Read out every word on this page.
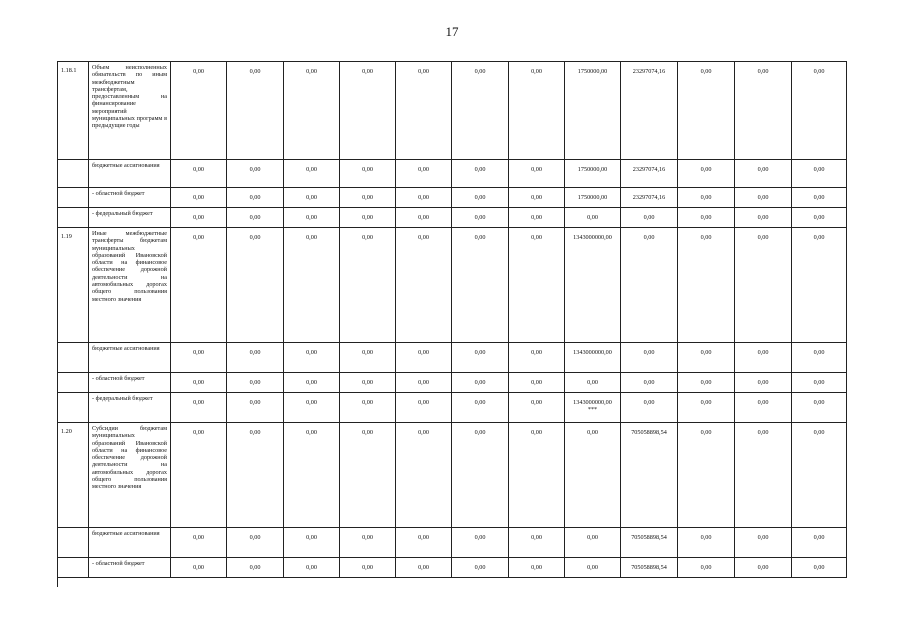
17
1.18.1	Объем неисполненных обязательств по иным межбюджетным трансфертам, предоставленным на финансирование мероприятий муниципальных программ в предыдущие годы	0,00	0,00	0,00	0,00	0,00	0,00	0,00	1750000,00	23297074,16	0,00	0,00	0,00
	бюджетные ассигнования	0,00	0,00	0,00	0,00	0,00	0,00	0,00	1750000,00	23297074,16	0,00	0,00	0,00
	- областной бюджет	0,00	0,00	0,00	0,00	0,00	0,00	0,00	1750000,00	23297074,16	0,00	0,00	0,00
	- федеральный бюджет	0,00	0,00	0,00	0,00	0,00	0,00	0,00	0,00	0,00	0,00	0,00	0,00
1.19	Иные межбюджетные трансферты бюджетам муниципальных образований Ивановской области на финансовое обеспечение дорожной деятельности на автомобильных дорогах общего пользования местного значения	0,00	0,00	0,00	0,00	0,00	0,00	0,00	1343000000,00	0,00	0,00	0,00	0,00
	бюджетные ассигнования	0,00	0,00	0,00	0,00	0,00	0,00	0,00	1343000000,00	0,00	0,00	0,00	0,00
	- областной бюджет	0,00	0,00	0,00	0,00	0,00	0,00	0,00	0,00	0,00	0,00	0,00	0,00
	- федеральный бюджет	0,00	0,00	0,00	0,00	0,00	0,00	0,00	1343000000,00 ***	0,00	0,00	0,00	0,00
1.20	Субсидии бюджетам муниципальных образований Ивановской области на финансовое обеспечение дорожной деятельности на автомобильных дорогах общего пользования местного значения	0,00	0,00	0,00	0,00	0,00	0,00	0,00	0,00	705058898,54	0,00	0,00	0,00
	бюджетные ассигнования	0,00	0,00	0,00	0,00	0,00	0,00	0,00	0,00	705058898,54	0,00	0,00	0,00
	- областной бюджет	0,00	0,00	0,00	0,00	0,00	0,00	0,00	0,00	705058898,54	0,00	0,00	0,00
